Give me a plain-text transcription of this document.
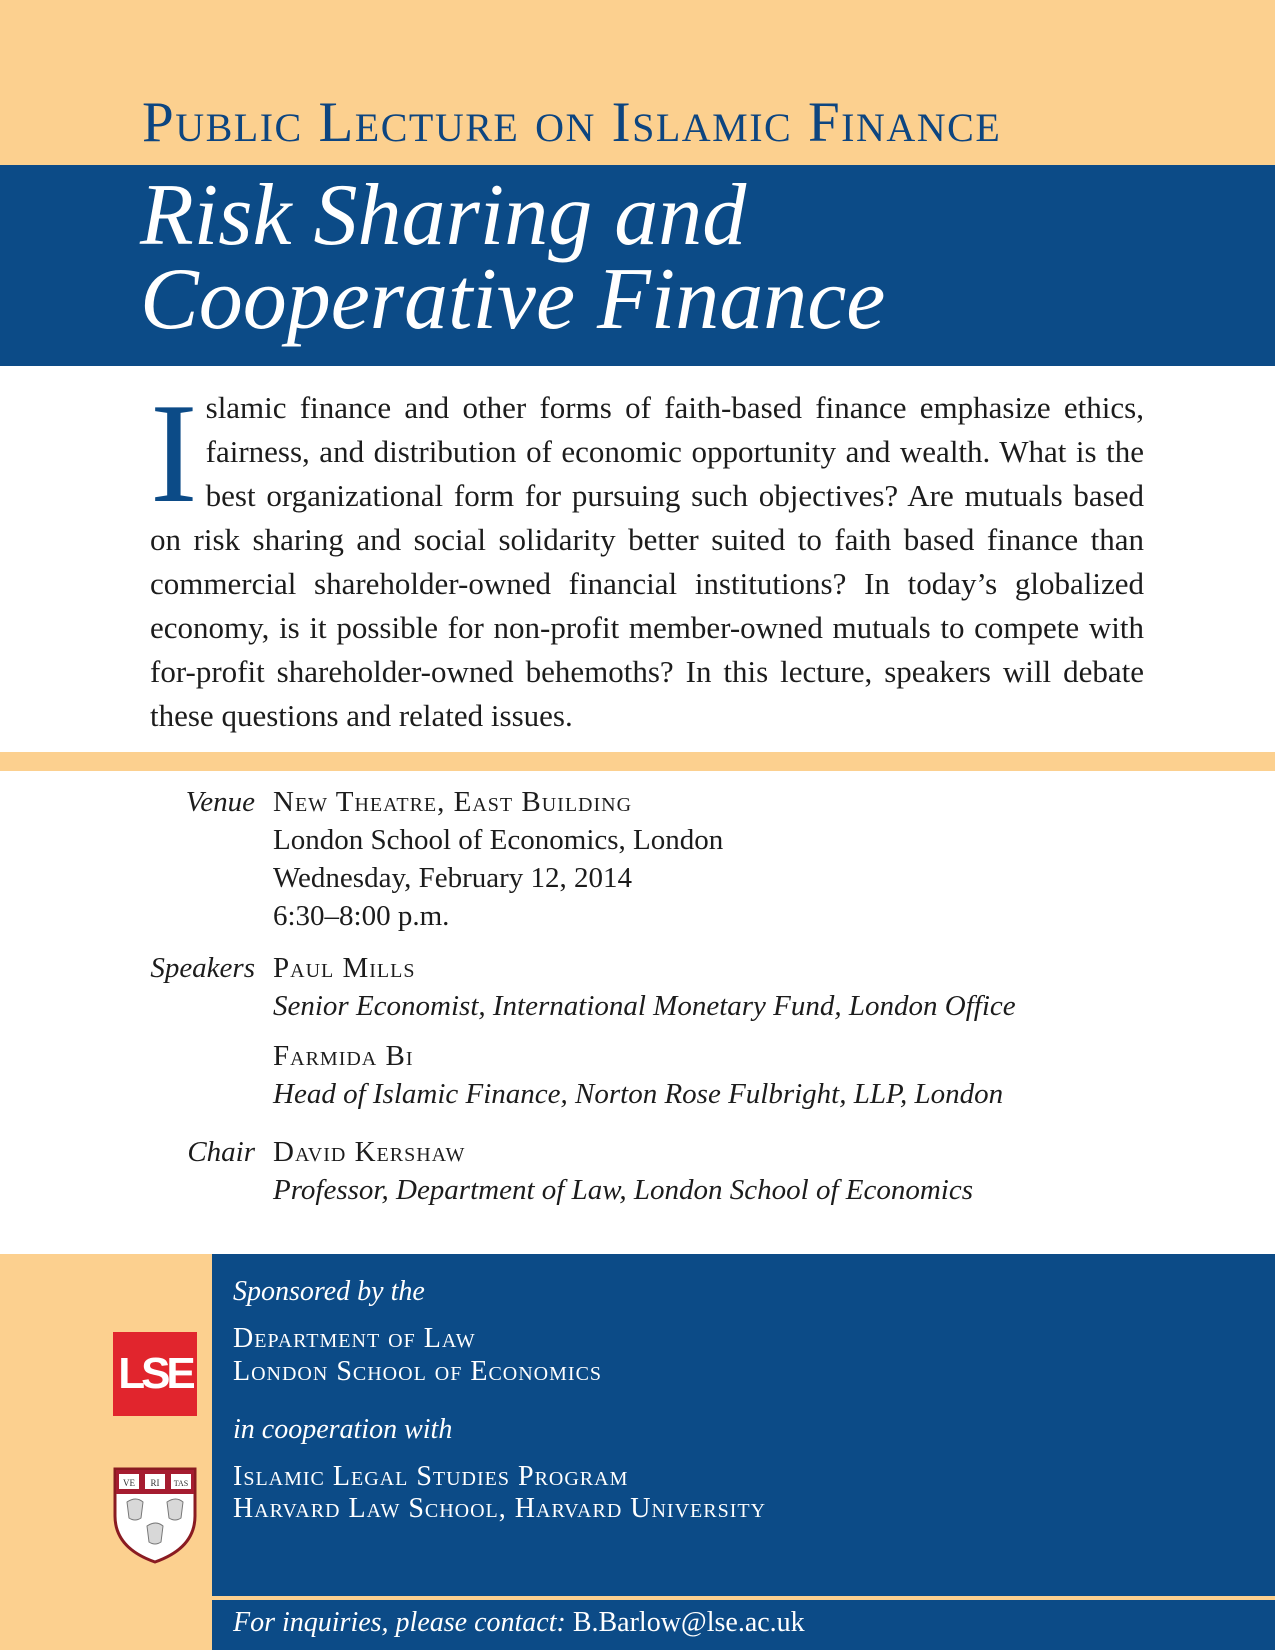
Public Lecture on Islamic Finance
Risk Sharing and
Cooperative Finance
Islamic finance and other forms of faith-based finance emphasize ethics, fairness, and distribution of economic opportunity and wealth. What is the best organizational form for pursuing such objectives? Are mutuals based on risk sharing and social solidarity better suited to faith based finance than commercial shareholder-owned financial institutions? In today’s globalized economy, is it possible for non-profit member-owned mutuals to compete with for-profit shareholder-owned behemoths? In this lecture, speakers will debate these questions and related issues.
Venue New Theatre, East Building
London School of Economics, London
Wednesday, February 12, 2014
6:30–8:00 p.m.
Speakers Paul Mills
Senior Economist, International Monetary Fund, London Office
Farmida Bi
Head of Islamic Finance, Norton Rose Fulbright, LLP, London
Chair David Kershaw
Professor, Department of Law, London School of Economics
Sponsored by the
Department of Law
London School of Economics
in cooperation with
Islamic Legal Studies Program
Harvard Law School, Harvard University
For inquiries, please contact: B.Barlow@lse.ac.uk
LSE
VE RI TAS
